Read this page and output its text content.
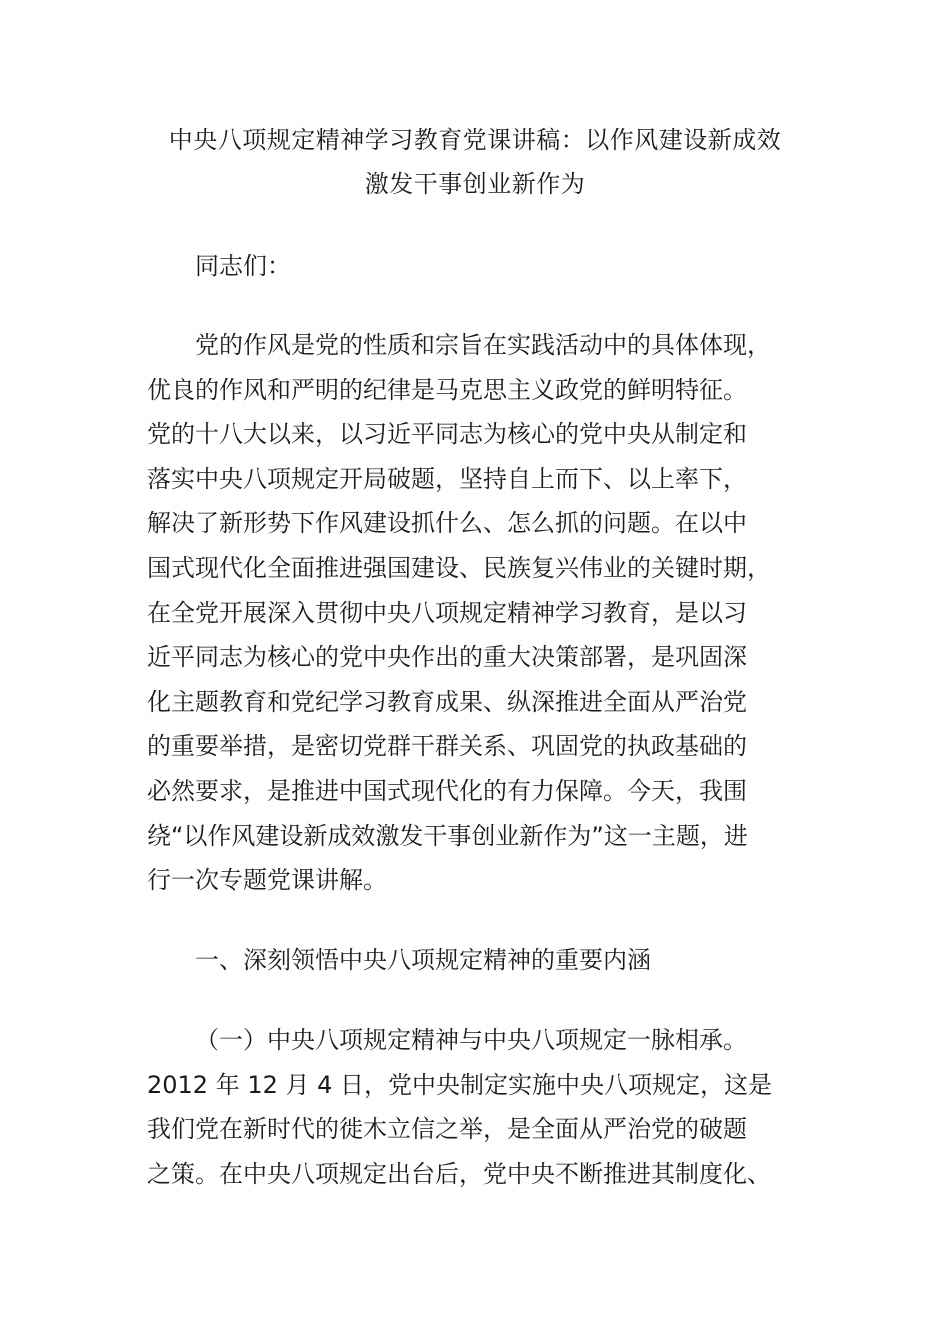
中央八项规定精神学习教育党课讲稿：以作风建设新成效
激发干事创业新作为
同志们：
党的作风是党的性质和宗旨在实践活动中的具体体现，
优良的作风和严明的纪律是马克思主义政党的鲜明特征。
党的十八大以来，以习近平同志为核心的党中央从制定和
落实中央八项规定开局破题，坚持自上而下、以上率下，
解决了新形势下作风建设抓什么、怎么抓的问题。在以中
国式现代化全面推进强国建设、民族复兴伟业的关键时期，
在全党开展深入贯彻中央八项规定精神学习教育，是以习
近平同志为核心的党中央作出的重大决策部署，是巩固深
化主题教育和党纪学习教育成果、纵深推进全面从严治党
的重要举措，是密切党群干群关系、巩固党的执政基础的
必然要求，是推进中国式现代化的有力保障。今天，我围
绕“以作风建设新成效激发干事创业新作为”这一主题，进
行一次专题党课讲解。
一、深刻领悟中央八项规定精神的重要内涵
（一）中央八项规定精神与中央八项规定一脉相承。
2012 年 12 月 4 日，党中央制定实施中央八项规定，这是
我们党在新时代的徙木立信之举，是全面从严治党的破题
之策。在中央八项规定出台后，党中央不断推进其制度化、
